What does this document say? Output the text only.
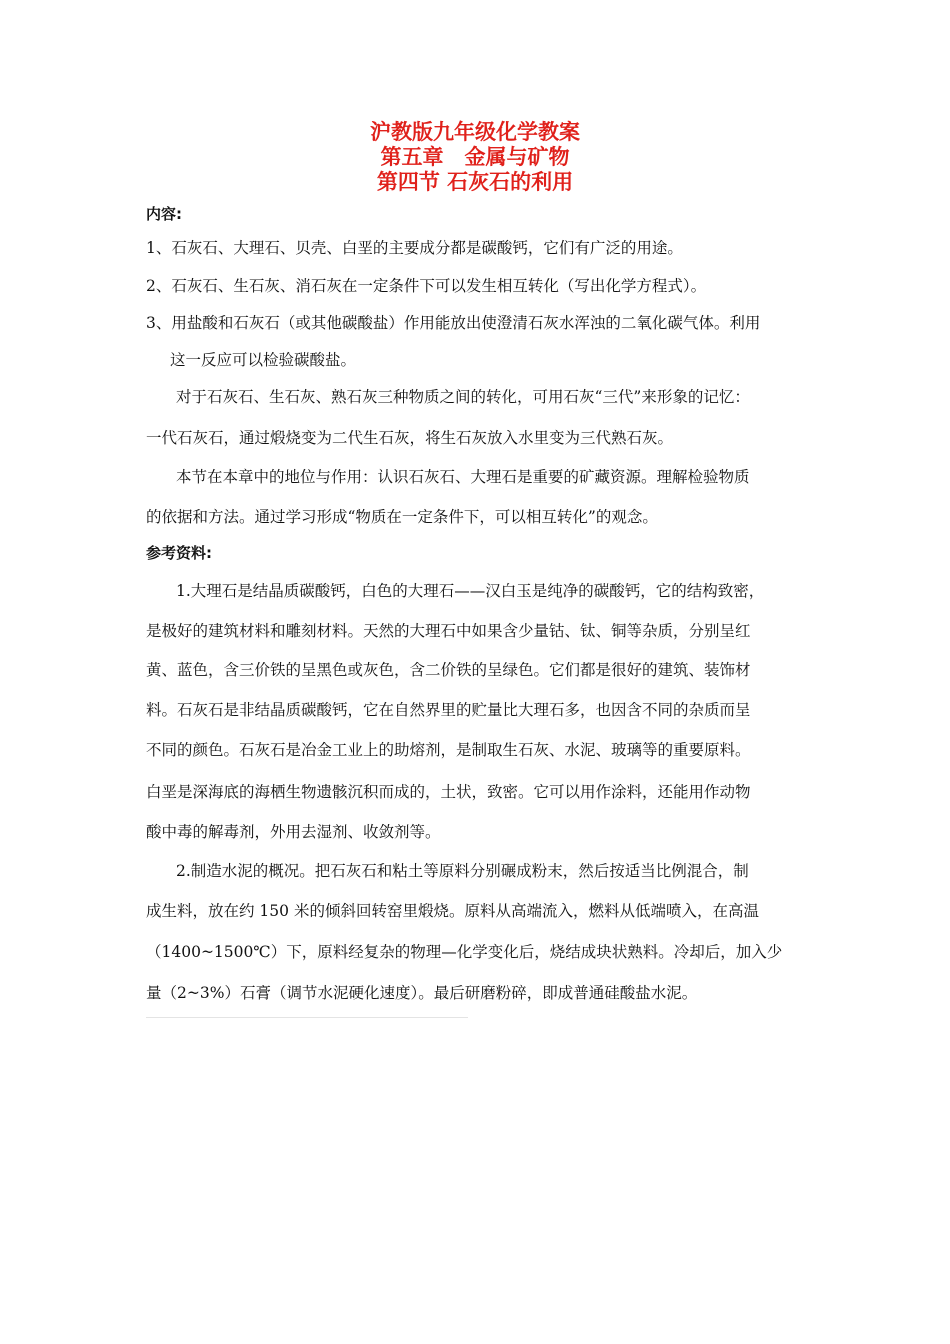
沪教版九年级化学教案
第五章　金属与矿物
第四节 石灰石的利用
内容:
1、石灰石、大理石、贝壳、白垩的主要成分都是碳酸钙，它们有广泛的用途。
2、石灰石、生石灰、消石灰在一定条件下可以发生相互转化（写出化学方程式）。
3、用盐酸和石灰石（或其他碳酸盐）作用能放出使澄清石灰水浑浊的二氧化碳气体。利用
这一反应可以检验碳酸盐。
对于石灰石、生石灰、熟石灰三种物质之间的转化，可用石灰“三代”来形象的记忆：
一代石灰石，通过煅烧变为二代生石灰，将生石灰放入水里变为三代熟石灰。
本节在本章中的地位与作用：认识石灰石、大理石是重要的矿藏资源。理解检验物质
的依据和方法。通过学习形成“物质在一定条件下，可以相互转化”的观念。
参考资料:
1.大理石是结晶质碳酸钙，白色的大理石——汉白玉是纯净的碳酸钙，它的结构致密，
是极好的建筑材料和雕刻材料。天然的大理石中如果含少量钴、钛、铜等杂质，分别呈红
黄、蓝色，含三价铁的呈黑色或灰色，含二价铁的呈绿色。它们都是很好的建筑、装饰材
料。石灰石是非结晶质碳酸钙，它在自然界里的贮量比大理石多，也因含不同的杂质而呈
不同的颜色。石灰石是冶金工业上的助熔剂，是制取生石灰、水泥、玻璃等的重要原料。
白垩是深海底的海栖生物遗骸沉积而成的，土状，致密。它可以用作涂料，还能用作动物
酸中毒的解毒剂，外用去湿剂、收敛剂等。
2.制造水泥的概况。把石灰石和粘土等原料分别碾成粉末，然后按适当比例混合，制
成生料，放在约 150 米的倾斜回转窑里煅烧。原料从高端流入，燃料从低端喷入，在高温
（1400~1500℃）下，原料经复杂的物理—化学变化后，烧结成块状熟料。冷却后，加入少
量（2~3%）石膏（调节水泥硬化速度）。最后研磨粉碎，即成普通硅酸盐水泥。
